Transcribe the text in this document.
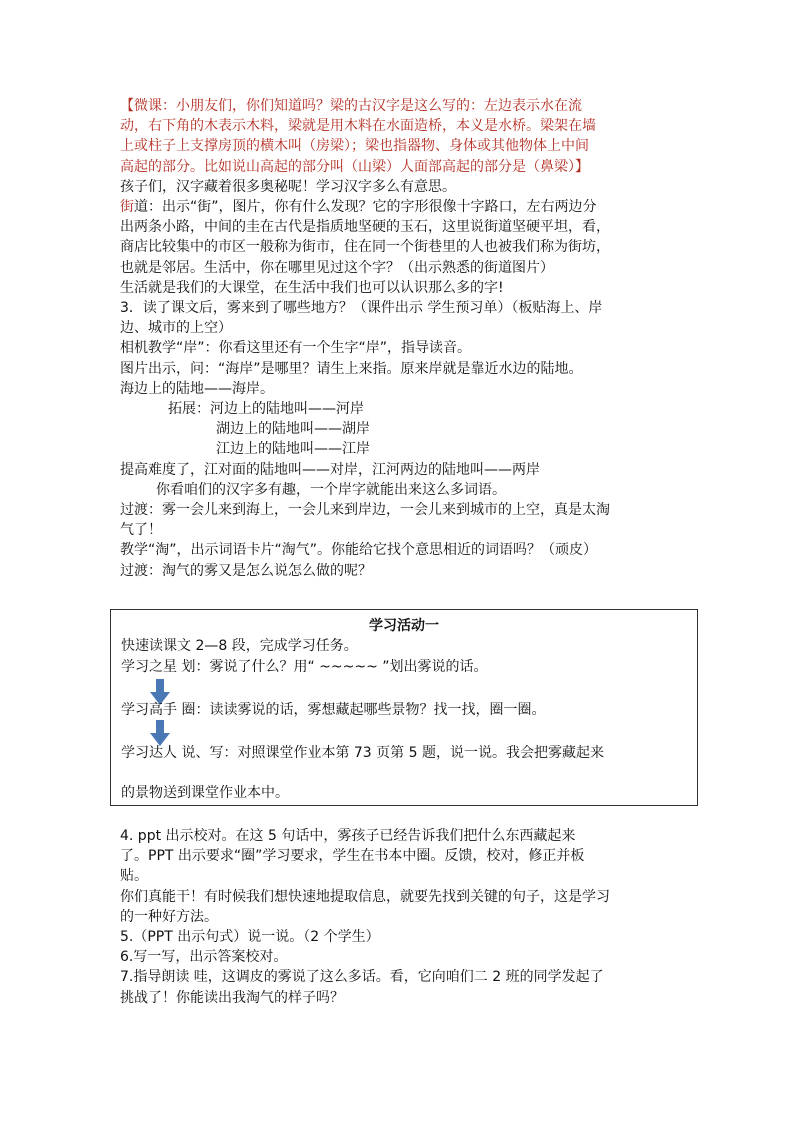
【微课：小朋友们，你们知道吗？梁的古汉字是这么写的：左边表示水在流
动，右下角的木表示木料，梁就是用木料在水面造桥，本义是水桥。梁架在墙
上或柱子上支撑房顶的横木叫（房梁）；梁也指器物、身体或其他物体上中间
高起的部分。比如说山高起的部分叫（山梁）人面部高起的部分是（鼻梁）】
孩子们，汉字藏着很多奥秘呢！学习汉字多么有意思。
街道：出示“街”，图片，你有什么发现？它的字形很像十字路口，左右两边分
出两条小路，中间的圭在古代是指质地坚硬的玉石，这里说街道坚硬平坦，看，
商店比较集中的市区一般称为街市，住在同一个街巷里的人也被我们称为街坊，
也就是邻居。生活中，你在哪里见过这个字？（出示熟悉的街道图片）
生活就是我们的大课堂，在生活中我们也可以认识那么多的字!
3．读了课文后，雾来到了哪些地方？（课件出示 学生预习单）（板贴海上、岸
边、城市的上空）
相机教学“岸”：你看这里还有一个生字“岸”，指导读音。
图片出示，问：“海岸”是哪里？请生上来指。原来岸就是靠近水边的陆地。
海边上的陆地——海岸。
拓展：河边上的陆地叫——河岸
湖边上的陆地叫——湖岸
江边上的陆地叫——江岸
提高难度了，江对面的陆地叫——对岸，江河两边的陆地叫——两岸
你看咱们的汉字多有趣，一个岸字就能出来这么多词语。
过渡：雾一会儿来到海上，一会儿来到岸边，一会儿来到城市的上空，真是太淘
气了！
教学“淘”，出示词语卡片“淘气”。你能给它找个意思相近的词语吗？（顽皮）
过渡：淘气的雾又是怎么说怎么做的呢？
学习活动一
快速读课文 2—8 段，完成学习任务。
学习之星 划：雾说了什么？用“ ~~~~~ ”划出雾说的话。
学习高手 圈：读读雾说的话，雾想藏起哪些景物？找一找，圈一圈。
学习达人 说、写：对照课堂作业本第 73 页第 5 题，说一说。我会把雾藏起来
的景物送到课堂作业本中。
4. ppt 出示校对。在这 5 句话中，雾孩子已经告诉我们把什么东西藏起来
了。PPT 出示要求“圈”学习要求，学生在书本中圈。反馈，校对，修正并板
贴。
你们真能干！有时候我们想快速地提取信息，就要先找到关键的句子，这是学习
的一种好方法。
5.（PPT 出示句式）说一说。（2 个学生）
6.写一写，出示答案校对。
7.指导朗读 哇，这调皮的雾说了这么多话。看，它向咱们二 2 班的同学发起了
挑战了！你能读出我淘气的样子吗？
